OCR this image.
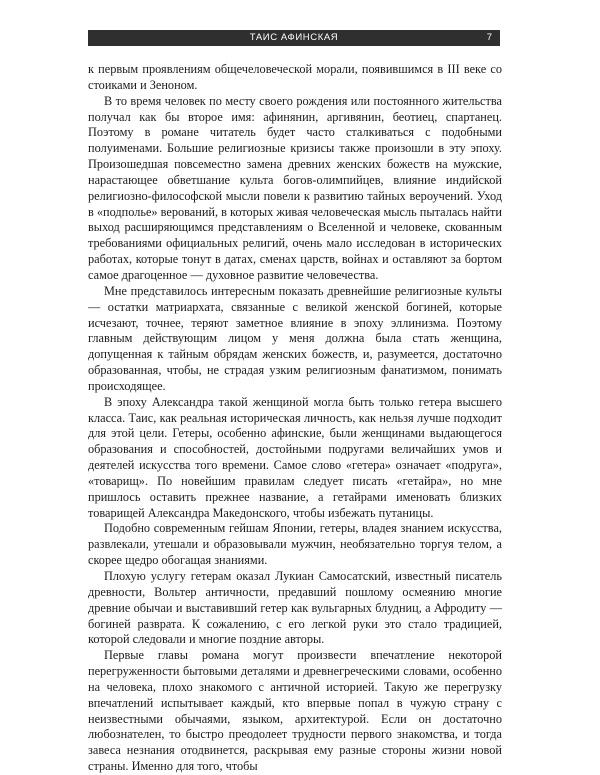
ТАИС АФИНСКАЯ	7

к первым проявлениям общечеловеческой морали, появившимся в III веке со стоиками и Зеноном.

В то время человек по месту своего рождения или постоянного жительства получал как бы второе имя: афинянин, аргивянин, беотиец, спартанец. Поэтому в романе читатель будет часто сталкиваться с подобными полуименами. Большие религиозные кризисы также произошли в эту эпоху. Произошедшая повсеместно замена древних женских божеств на мужские, нарастающее обветшание культа богов-олимпийцев, влияние индийской религиозно-философской мысли повели к развитию тайных вероучений. Уход в «подполье» верований, в которых живая человеческая мысль пыталась найти выход расширяющимся представлениям о Вселенной и человеке, скованным требованиями официальных религий, очень мало исследован в исторических работах, которые тонут в датах, сменах царств, войнах и оставляют за бортом самое драгоценное — духовное развитие человечества.

Мне представилось интересным показать древнейшие религиозные культы — остатки матриархата, связанные с великой женской богиней, которые исчезают, точнее, теряют заметное влияние в эпоху эллинизма. Поэтому главным действующим лицом у меня должна была стать женщина, допущенная к тайным обрядам женских божеств, и, разумеется, достаточно образованная, чтобы, не страдая узким религиозным фанатизмом, понимать происходящее.

В эпоху Александра такой женщиной могла быть только гетера высшего класса. Таис, как реальная историческая личность, как нельзя лучше подходит для этой цели. Гетеры, особенно афинские, были женщинами выдающегося образования и способностей, достойными подругами величайших умов и деятелей искусства того времени. Самое слово «гетера» означает «подруга», «товарищ». По новейшим правилам следует писать «гетайра», но мне пришлось оставить прежнее название, а гетайрами именовать близких товарищей Александра Македонского, чтобы избежать путаницы.

Подобно современным гейшам Японии, гетеры, владея знанием искусства, развлекали, утешали и образовывали мужчин, необязательно торгуя телом, а скорее щедро обогащая знаниями.

Плохую услугу гетерам оказал Лукиан Самосатский, известный писатель древности, Вольтер античности, предавший пошлому осмеянию многие древние обычаи и выставивший гетер как вульгарных блудниц, а Афродиту — богиней разврата. К сожалению, с его легкой руки это стало традицией, которой следовали и многие поздние авторы.

Первые главы романа могут произвести впечатление некоторой перегруженности бытовыми деталями и древнегреческими словами, особенно на человека, плохо знакомого с античной историей. Такую же перегрузку впечатлений испытывает каждый, кто впервые попал в чужую страну с неизвестными обычаями, языком, архитектурой. Если он достаточно любознателен, то быстро преодолеет трудности первого знакомства, и тогда завеса незнания отодвинется, раскрывая ему разные стороны жизни новой страны. Именно для того, чтобы
